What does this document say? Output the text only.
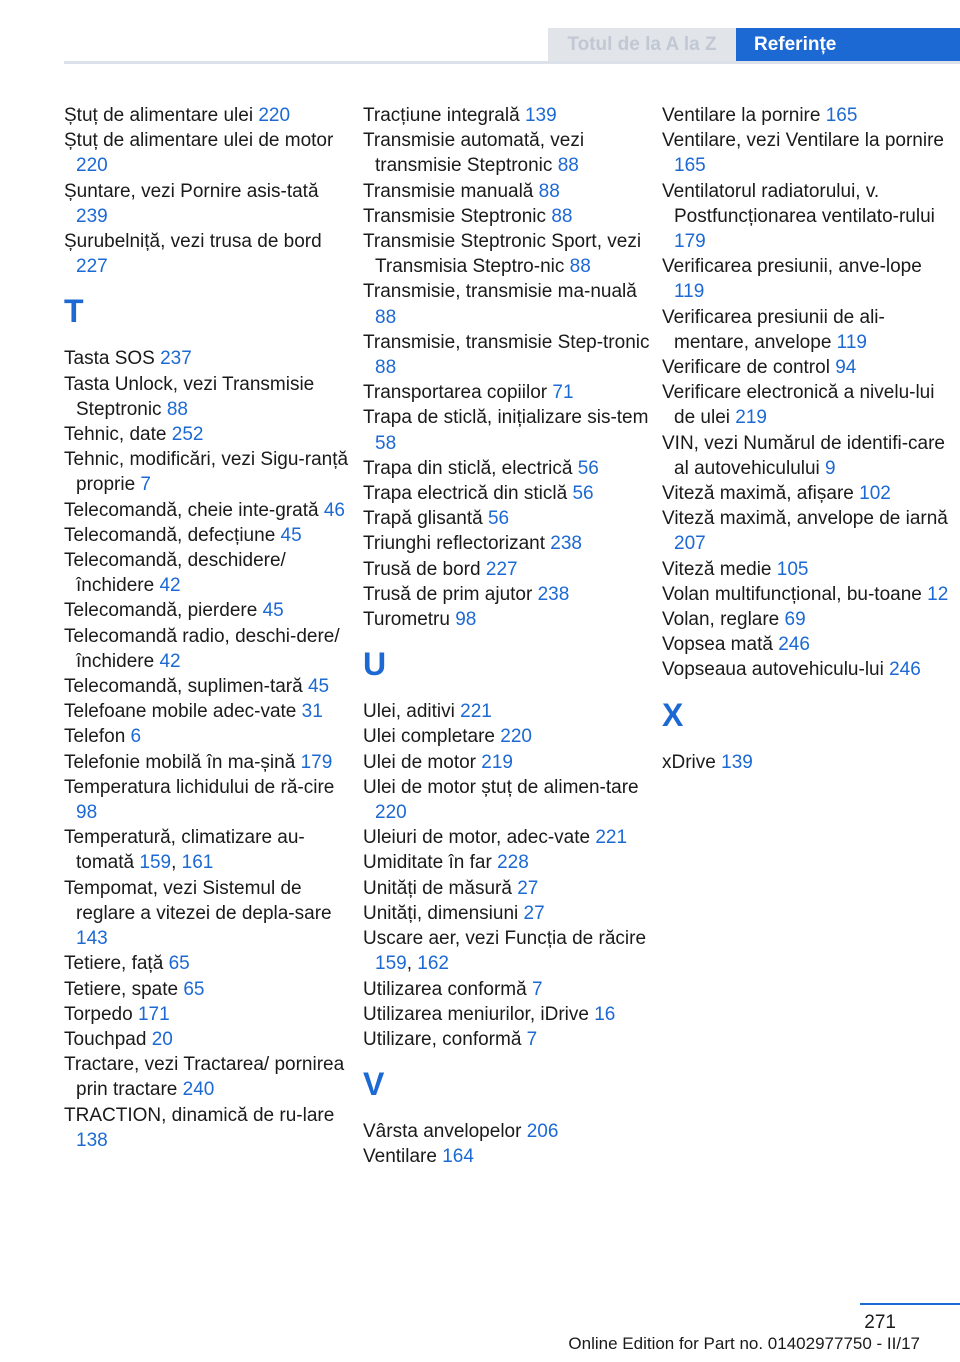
Totul de la A la Z	Referințe

Ștuț de alimentare ulei 220

Ștuț de alimentare ulei de motor 220

Șuntare, vezi Pornire asis‐tată 239

Șurubelniță, vezi trusa de bord 227

T

Tasta SOS 237

Tasta Unlock, vezi Transmisie Steptronic 88

Tehnic, date 252

Tehnic, modificări, vezi Sigu‐ranță proprie 7

Telecomandă, cheie inte‐grată 46

Telecomandă, defecțiune 45

Telecomandă, deschidere/ închidere 42

Telecomandă, pierdere 45

Telecomandă radio, deschi‐dere/închidere 42

Telecomandă, suplimen‐tară 45

Telefoane mobile adec‐vate 31

Telefon 6

Telefonie mobilă în ma‐șină 179

Temperatura lichidului de ră‐cire 98

Temperatură, climatizare au‐tomată 159, 161

Tempomat, vezi Sistemul de reglare a vitezei de depla‐sare 143

Tetiere, față 65

Tetiere, spate 65

Torpedo 171

Touchpad 20

Tractare, vezi Tractarea/ pornirea prin tractare 240

TRACTION, dinamică de ru‐lare 138

Tracțiune integrală 139

Transmisie automată, vezi transmisie Steptronic 88

Transmisie manuală 88

Transmisie Steptronic 88

Transmisie Steptronic Sport, vezi Transmisia Steptro‐nic 88

Transmisie, transmisie ma‐nuală 88

Transmisie, transmisie Step‐tronic 88

Transportarea copiilor 71

Trapa de sticlă, inițializare sis‐tem 58

Trapa din sticlă, electrică 56

Trapa electrică din sticlă 56

Trapă glisantă 56

Triunghi reflectorizant 238

Trusă de bord 227

Trusă de prim ajutor 238

Turometru 98

U

Ulei, aditivi 221

Ulei completare 220

Ulei de motor 219

Ulei de motor ștuț de alimen‐tare 220

Uleiuri de motor, adec‐vate 221

Umiditate în far 228

Unități de măsură 27

Unități, dimensiuni 27

Uscare aer, vezi Funcția de răcire 159, 162

Utilizarea conformă 7

Utilizarea meniurilor, iDrive 16

Utilizare, conformă 7

V

Vârsta anvelopelor 206

Ventilare 164

Ventilare la pornire 165

Ventilare, vezi Ventilare la pornire 165

Ventilatorul radiatorului, v. Postfuncționarea ventilato‐rului 179

Verificarea presiunii, anve‐lope 119

Verificarea presiunii de ali‐mentare, anvelope 119

Verificare de control 94

Verificare electronică a nivelu‐lui de ulei 219

VIN, vezi Numărul de identifi‐care al autovehiculului 9

Viteză maximă, afișare 102

Viteză maximă, anvelope de iarnă 207

Viteză medie 105

Volan multifuncțional, bu‐toane 12

Volan, reglare 69

Vopsea mată 246

Vopseaua autovehiculu‐lui 246

X

xDrive 139

271
Online Edition for Part no. 01402977750 - II/17
